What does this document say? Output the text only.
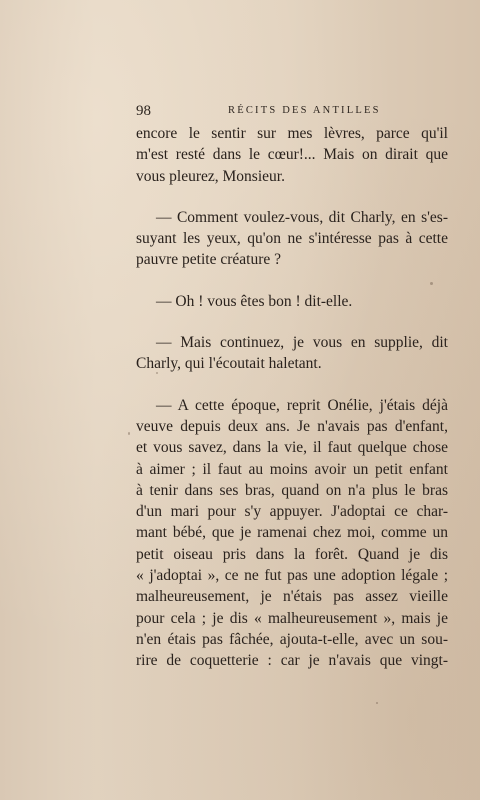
98	RÉCITS DES ANTILLES
encore le sentir sur mes lèvres, parce qu'il
m'est resté dans le cœur!... Mais on dirait que
vous pleurez, Monsieur.
— Comment voulez-vous, dit Charly, en s'es-
suyant les yeux, qu'on ne s'intéresse pas à cette
pauvre petite créature ?
— Oh ! vous êtes bon ! dit-elle.
— Mais continuez, je vous en supplie, dit
Charly, qui l'écoutait haletant.
— A cette époque, reprit Onélie, j'étais déjà
veuve depuis deux ans. Je n'avais pas d'enfant,
et vous savez, dans la vie, il faut quelque chose
à aimer ; il faut au moins avoir un petit enfant
à tenir dans ses bras, quand on n'a plus le bras
d'un mari pour s'y appuyer. J'adoptai ce char-
mant bébé, que je ramenai chez moi, comme un
petit oiseau pris dans la forêt. Quand je dis
« j'adoptai », ce ne fut pas une adoption légale ;
malheureusement, je n'étais pas assez vieille
pour cela ; je dis « malheureusement », mais je
n'en étais pas fâchée, ajouta-t-elle, avec un sou-
rire de coquetterie : car je n'avais que vingt-
